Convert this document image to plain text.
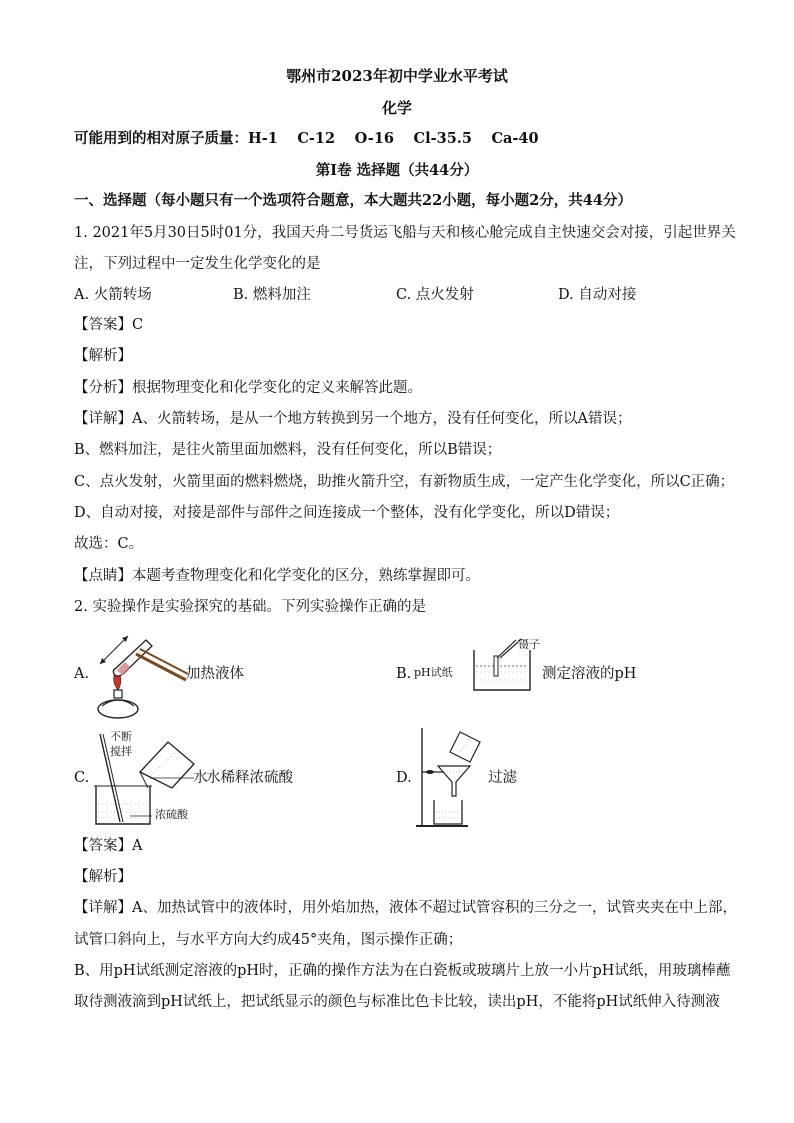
鄂州市2023年初中学业水平考试
化学
可能用到的相对原子质量：H-1　 C-12 　O-16 　Cl-35.5 　Ca-40
第Ⅰ卷 选择题（共44分）
一、选择题（每小题只有一个选项符合题意，本大题共22小题，每小题2分，共44分）
1. 2021年5月30日5时01分，我国天舟二号货运飞船与天和核心舱完成自主快速交会对接，引起世界关
注，下列过程中一定发生化学变化的是
A. 火箭转场	B. 燃料加注	C. 点火发射	D. 自动对接
【答案】C
【解析】
【分析】根据物理变化和化学变化的定义来解答此题。
【详解】A、火箭转场，是从一个地方转换到另一个地方，没有任何变化，所以A错误；
B、燃料加注，是往火箭里面加燃料，没有任何变化，所以B错误；
C、点火发射，火箭里面的燃料燃烧，助推火箭升空，有新物质生成，一定产生化学变化，所以C正确；
D、自动对接，对接是部件与部件之间连接成一个整体，没有化学变化，所以D错误；
故选：C。
【点睛】本题考查物理变化和化学变化的区分，熟练掌握即可。
2. 实验操作是实验探究的基础。下列实验操作正确的是
A.	加热液体	B. pH试纸
镊子
测定溶液的pH
C.
不断
搅拌
浓硫酸
水
水稀释浓硫酸	D.	过滤
【答案】A
【解析】
【详解】A、加热试管中的液体时，用外焰加热，液体不超过试管容积的三分之一，试管夹夹在中上部，
试管口斜向上，与水平方向大约成45°夹角，图示操作正确；
B、用pH试纸测定溶液的pH时，正确的操作方法为在白瓷板或玻璃片上放一小片pH试纸，用玻璃棒蘸
取待测液滴到pH试纸上，把试纸显示的颜色与标准比色卡比较，读出pH，不能将pH试纸伸入待测液
